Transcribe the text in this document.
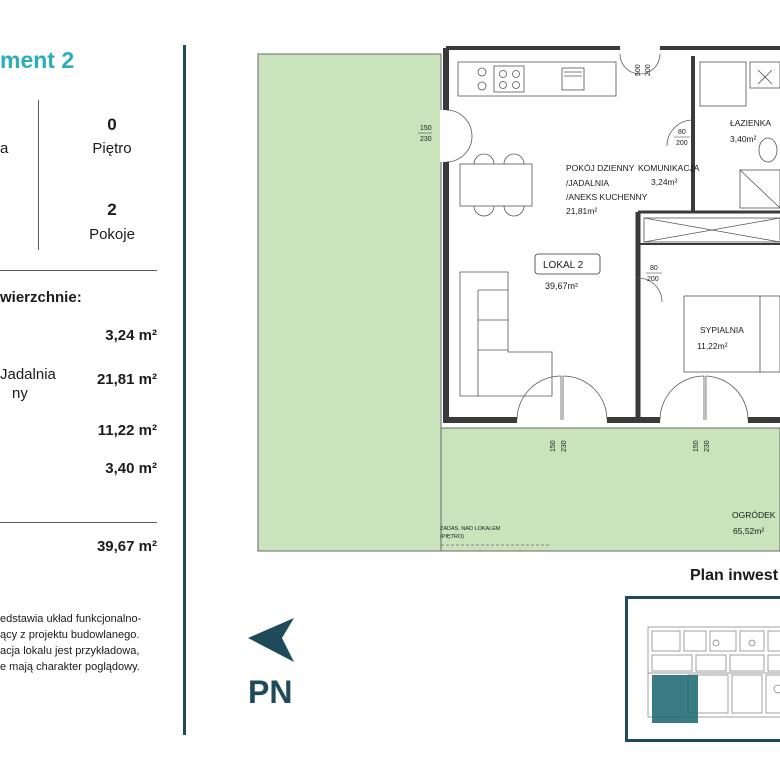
ment 2
a
0
Piętro
2
Pokoje
wierzchnie:

Jadalnia
ny
3,24 m²
21,81 m²
11,22 m²
3,40 m²
39,67 m²
edstawia układ funkcjonalno-
ący z projektu budowlanego.
acja lokalu jest przykładowa,
e mają charakter poglądowy.
POKÓJ DZIENNY /JADALNIA /ANEKS KUCHENNY 21,81m²
KOMUNIKACJA 3,24m²
ŁAZIENKA 3,40m²
SYPIALNIA 11,22m²
OGRÓDEK 65,52m²
ZADAS. NAD LOKALEM (PIĘTRO)
LOKAL 2
39,67m²
150
230
80
200
80
200
150 230	150 230
500 200
PN
Plan inwest
